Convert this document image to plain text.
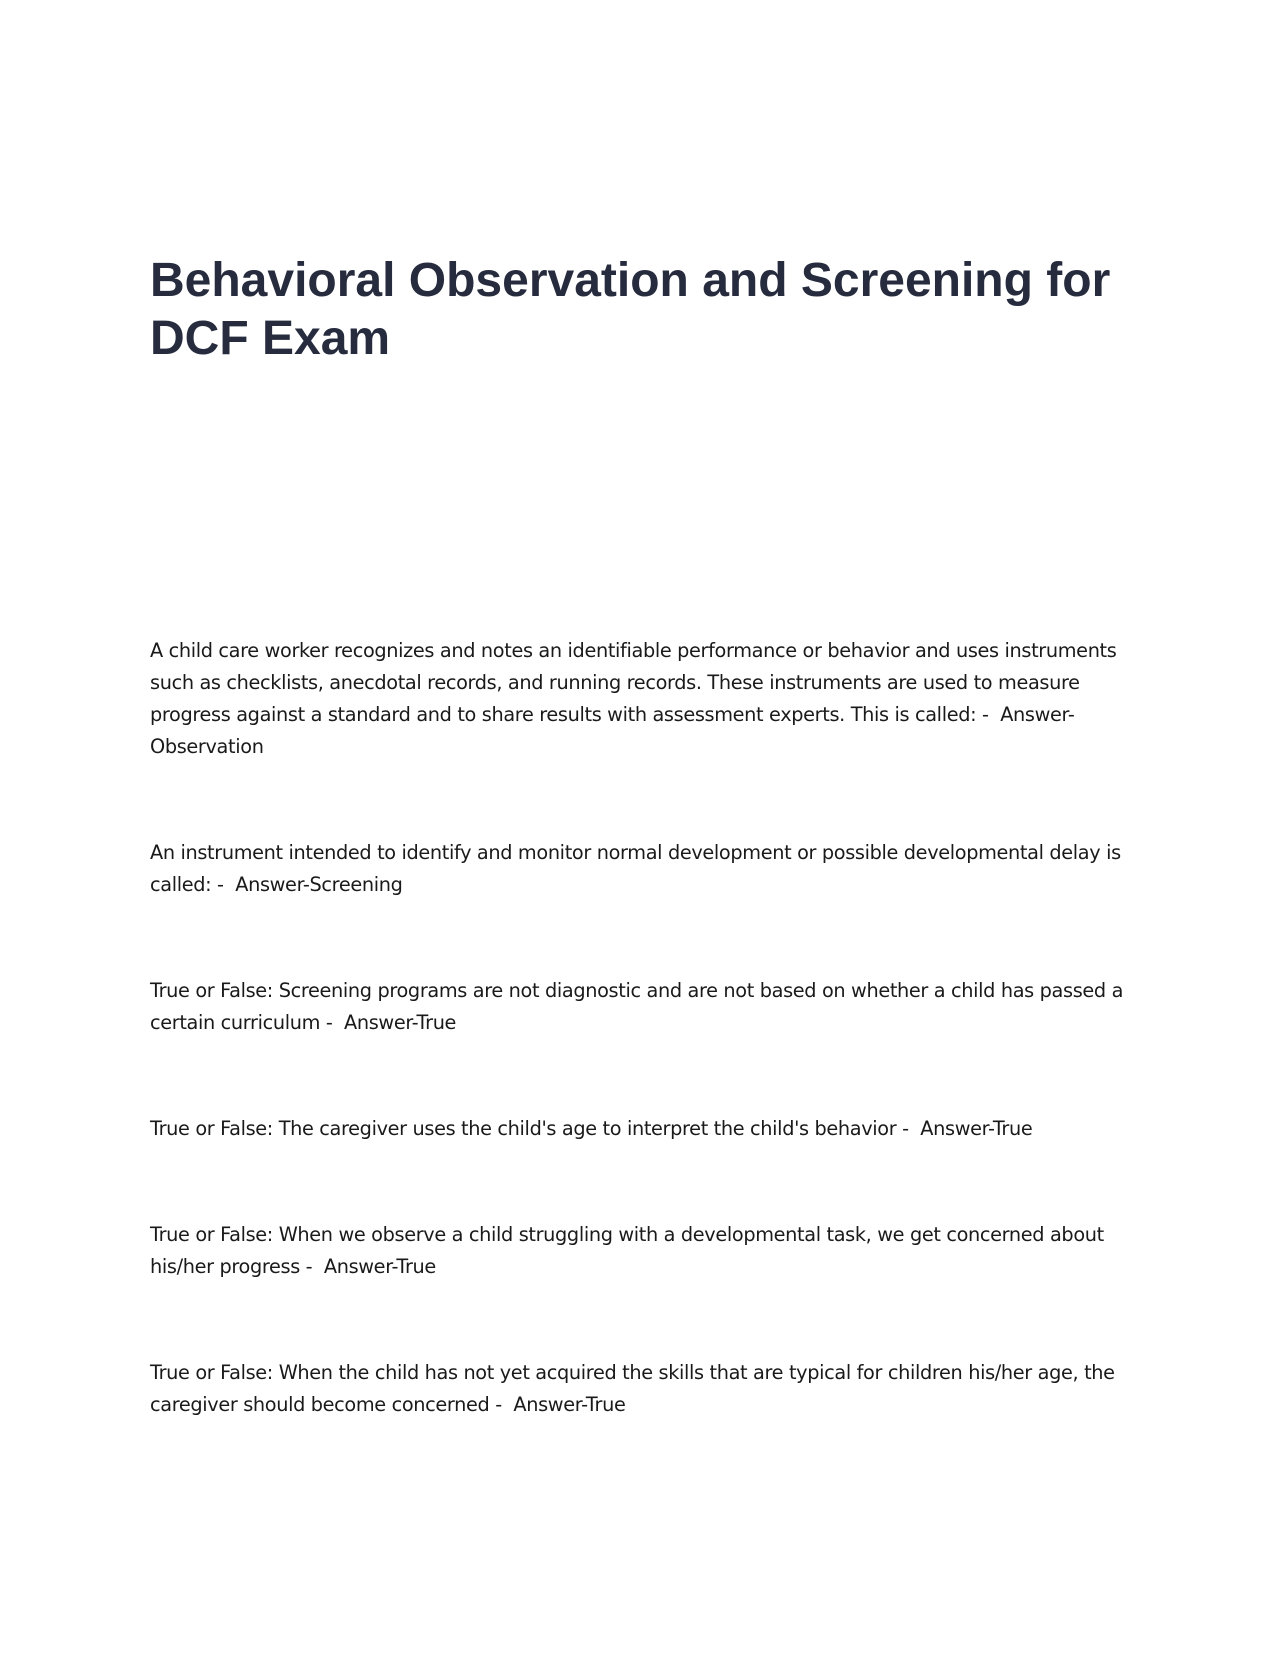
Behavioral Observation and Screening for DCF Exam

A child care worker recognizes and notes an identifiable performance or behavior and uses instruments such as checklists, anecdotal records, and running records. These instruments are used to measure progress against a standard and to share results with assessment experts. This is called: -  Answer-Observation

An instrument intended to identify and monitor normal development or possible developmental delay is called: -  Answer-Screening

True or False: Screening programs are not diagnostic and are not based on whether a child has passed a certain curriculum -  Answer-True

True or False: The caregiver uses the child's age to interpret the child's behavior -  Answer-True

True or False: When we observe a child struggling with a developmental task, we get concerned about his/her progress -  Answer-True

True or False: When the child has not yet acquired the skills that are typical for children his/her age, the caregiver should become concerned -  Answer-True
